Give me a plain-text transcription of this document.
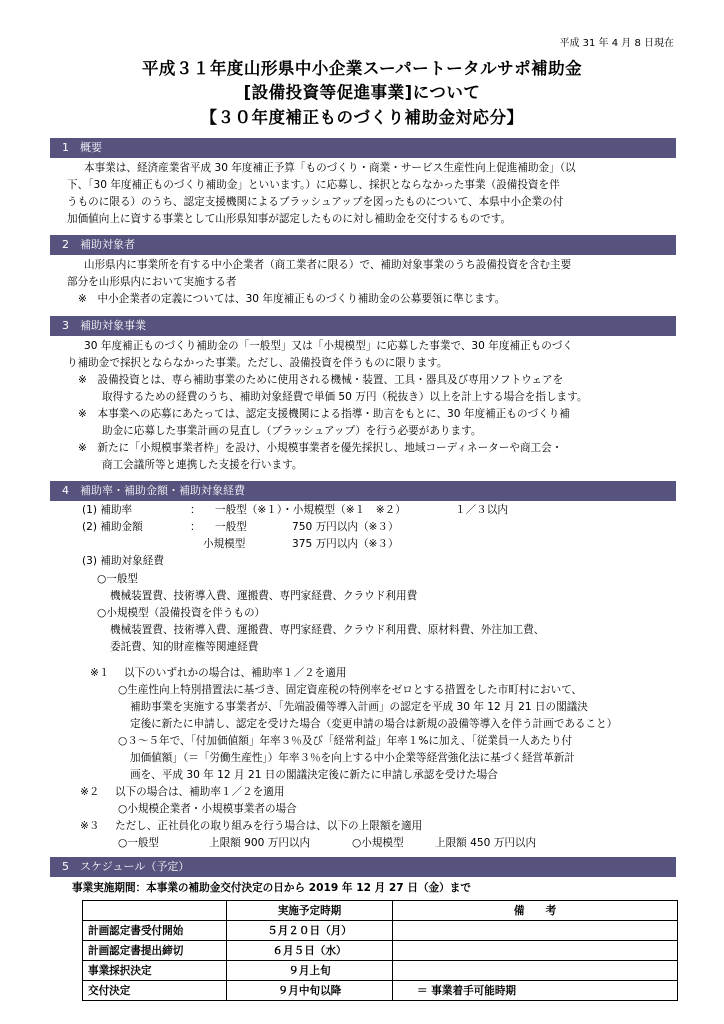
平成 31 年 4 月 8 日現在
平成３１年度山形県中小企業スーパートータルサポ補助金
[設備投資等促進事業]について
【３０年度補正ものづくり補助金対応分】
1　概要
本事業は、経済産業省平成 30 年度補正予算「ものづくり・商業・サービス生産性向上促進補助金」（以
下、「30 年度補正ものづくり補助金」といいます。）に応募し、採択とならなかった事業（設備投資を伴
うものに限る）のうち、認定支援機関によるブラッシュアップを図ったものについて、本県中小企業の付
加価値向上に資する事業として山形県知事が認定したものに対し補助金を交付するものです。
2　補助対象者
山形県内に事業所を有する中小企業者（商工業者に限る）で、補助対象事業のうち設備投資を含む主要
部分を山形県内において実施する者
※　中小企業者の定義については、30 年度補正ものづくり補助金の公募要領に準じます。
3　補助対象事業
30 年度補正ものづくり補助金の「一般型」又は「小規模型」に応募した事業で、30 年度補正ものづく
り補助金で採択とならなかった事業。ただし、設備投資を伴うものに限ります。
※　設備投資とは、専ら補助事業のために使用される機械・装置、工具・器具及び専用ソフトウェアを
取得するための経費のうち、補助対象経費で単価 50 万円（税抜き）以上を計上する場合を指します。
※　本事業への応募にあたっては、認定支援機関による指導・助言をもとに、30 年度補正ものづくり補
助金に応募した事業計画の見直し（ブラッシュアップ）を行う必要があります。
※　新たに「小規模事業者枠」を設け、小規模事業者を優先採択し、地域コーディネーターや商工会・
商工会議所等と連携した支援を行います。
4　補助率・補助金額・補助対象経費
(1) 補助率	： 一般型（※１）・小規模型（※１　※２）	１／３以内
(2) 補助金額	： 一般型	750 万円以内（※３）
小規模型	375 万円以内（※３）
(3) 補助対象経費
○一般型
機械装置費、技術導入費、運搬費、専門家経費、クラウド利用費
○小規模型（設備投資を伴うもの）
機械装置費、技術導入費、運搬費、専門家経費、クラウド利用費、原材料費、外注加工費、
委託費、知的財産権等関連経費
※１ 以下のいずれかの場合は、補助率１／２を適用
○生産性向上特別措置法に基づき、固定資産税の特例率をゼロとする措置をした市町村において、
補助事業を実施する事業者が、「先端設備等導入計画」の認定を平成 30 年 12 月 21 日の閣議決
定後に新たに申請し、認定を受けた場合（変更申請の場合は新規の設備等導入を伴う計画であること）
○３～５年で、「付加価値額」年率３％及び「経常利益」年率１%に加え、「従業員一人あたり付
加価値額」（＝「労働生産性」）年率３％を向上する中小企業等経営強化法に基づく経営革新計
画を、平成 30 年 12 月 21 日の閣議決定後に新たに申請し承認を受けた場合
※２ 以下の場合は、補助率１／２を適用
○小規模企業者・小規模事業者の場合
※３ ただし、正社員化の取り組みを行う場合は、以下の上限額を適用
○一般型	上限額 900 万円以内	○小規模型	上限額 450 万円以内
5　スケジュール（予定）
事業実施期間：本事業の補助金交付決定の日から 2019 年 12 月 27 日（金）まで
	実施予定時期	備　　考
計画認定書受付開始	５月２０日（月）	
計画認定書提出締切	６月５日（水）	
事業採択決定	９月上旬	
交付決定	９月中旬以降	＝ 事業着手可能時期
